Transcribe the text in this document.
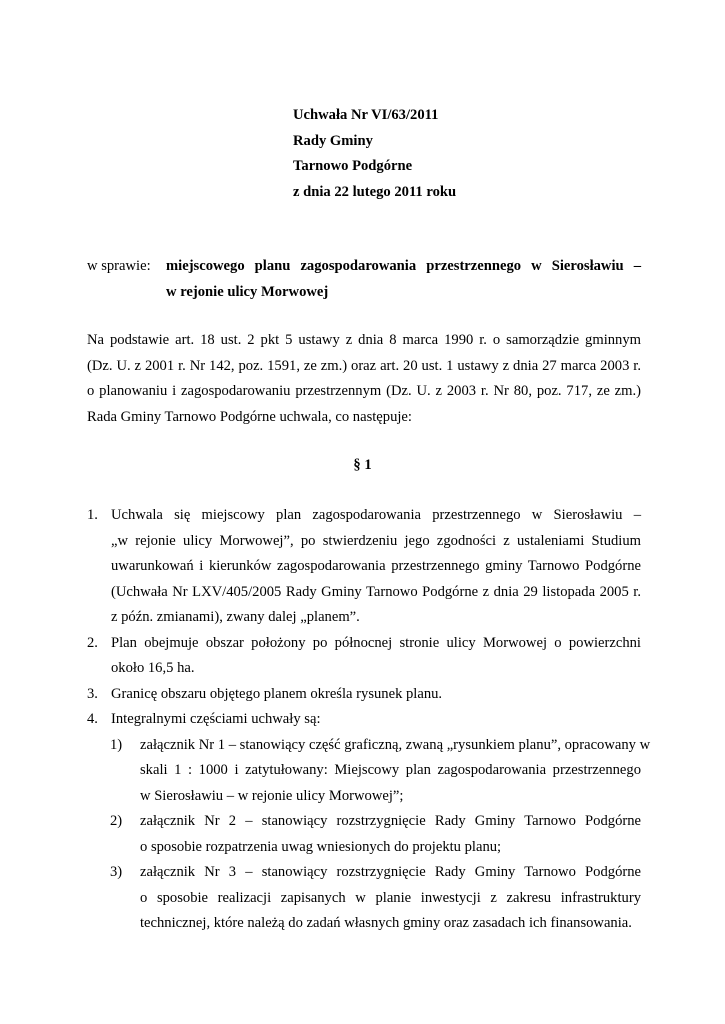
Uchwała Nr VI/63/2011
Rady Gminy
Tarnowo Podgórne
z dnia 22 lutego 2011 roku
w sprawie: miejscowego planu zagospodarowania przestrzennego w Sierosławiu –
w rejonie ulicy Morwowej
Na podstawie art. 18 ust. 2 pkt 5 ustawy z dnia 8 marca 1990 r. o samorządzie gminnym
(Dz. U. z 2001 r. Nr 142, poz. 1591, ze zm.) oraz art. 20 ust. 1 ustawy z dnia 27 marca 2003 r.
o planowaniu i zagospodarowaniu przestrzennym (Dz. U. z 2003 r. Nr 80, poz. 717, ze zm.)
Rada Gminy Tarnowo Podgórne uchwala, co następuje:
§ 1
1. Uchwala się miejscowy plan zagospodarowania przestrzennego w Sierosławiu –
„w rejonie ulicy Morwowej”, po stwierdzeniu jego zgodności z ustaleniami Studium
uwarunkowań i kierunków zagospodarowania przestrzennego gminy Tarnowo Podgórne
(Uchwała Nr LXV/405/2005 Rady Gminy Tarnowo Podgórne z dnia 29 listopada 2005 r.
z późn. zmianami), zwany dalej „planem”.
2. Plan obejmuje obszar położony po północnej stronie ulicy Morwowej o powierzchni
około 16,5 ha.
3. Granicę obszaru objętego planem określa rysunek planu.
4. Integralnymi częściami uchwały są:
1) załącznik Nr 1 – stanowiący część graficzną, zwaną „rysunkiem planu”, opracowany w
skali 1 : 1000 i zatytułowany: Miejscowy plan zagospodarowania przestrzennego
w Sierosławiu – w rejonie ulicy Morwowej”;
2) załącznik Nr 2 – stanowiący rozstrzygnięcie Rady Gminy Tarnowo Podgórne
o sposobie rozpatrzenia uwag wniesionych do projektu planu;
3) załącznik Nr 3 – stanowiący rozstrzygnięcie Rady Gminy Tarnowo Podgórne
o sposobie realizacji zapisanych w planie inwestycji z zakresu infrastruktury
technicznej, które należą do zadań własnych gminy oraz zasadach ich finansowania.
